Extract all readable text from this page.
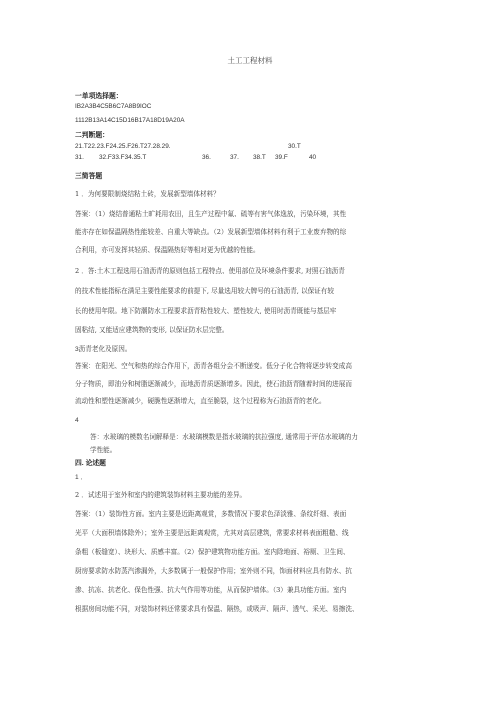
土工工程材料
一单项选择题：
IB2A3B4C5B6C7A8B9IOC
1112B13A14C15D16B17A18D19A20A
二判断题：
21.T22.23.F24.25.F26.T27.28.29.	30.T
31. 32.F33.F34.35.T	36.	37. 38.T 39.F	40
三简答题
1 ．为何要限制烧结粘土砖，发展新型墙体材料？
答案：（1）烧结普通粘土旷耗用农田，且生产过程中氟、硫等有害气体逸放，污染环境，其性
能亦存在如保温隔热性能较差、自重大等缺点。（2）发展新型墙体材料有利于工业废弃物的综
合利用，亦可发挥其轻质、保温隔热好等相对更为优越的性能。
2 ．答:土木工程选用石油沥青的原则包括工程特点、使用部位及环境条件要求, 对照石油沥青
的技术性能指标在满足主要性能要求的前提下, 尽量选用较大牌号的石油沥青, 以保证有较
长的使用年限。地下防潮防水工程要求沥青粘性较大、塑性较大, 使用时沥青既能与基层牢
固粘结, 又能适应建筑物的变形, 以保证防水层完整。
3沥青老化及原因。
答案：在阳光、空气和热的综合作用下，沥青各组分会不断递变。低分子化合物将逐步转变成高
分子物质，即油分和树脂逐渐减少，而地沥青质逐渐增多。因此，使石油沥青随着时间的进展而
流动性和塑性逐渐减少，硬脆性逐渐增大，直至脆裂，这个过程称为石油沥青的老化。
4
答：水玻璃的模数名词解释是：水玻璃模数是指水玻璃的抗拉强度, 通常用于评估水玻璃的力
学性能。
四. 论述题
1 ．
2 ．试述用于室外和室内的建筑装饰材料主要功能的差异。
答案：（1）装饰性方面。室内主要是近距离观赏，多数情况下要求色泽淡雅、条纹纤细、表面
光平（大面积墙体除外）；室外主要是远距离观赏，尤其对高层建筑，常要求材料表面粗糙、线
条粗（板缝宽）、块形大、质感丰富。（2）保护建筑物功能方面。室内除地面、裕厕、卫生间、
厨房要求防水防蒸汽渗漏外，大多数属于一般保护作用；室外则不同，饰面材料应具有防水、抗
渗、抗冻、抗老化、保色性强、抗大气作用等功能，从而保护墙体。（3）兼具功能方面。室内
根据房间功能不同，对装饰材料还常要求具有保温、隔热，或吸声、隔声、透气、采光、易擦洗、
